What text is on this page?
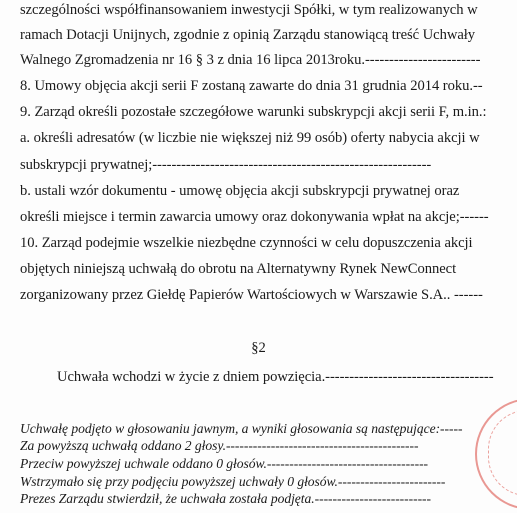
szczególności współfinansowaniem inwestycji Spółki, w tym realizowanych w
ramach Dotacji Unijnych, zgodnie z opinią Zarządu stanowiącą treść Uchwały
Walnego Zgromadzenia nr 16 § 3 z dnia 16 lipca 2013roku.------------------------
8. Umowy objęcia akcji serii F zostaną zawarte do dnia 31 grudnia 2014 roku.--
9. Zarząd określi pozostałe szczegółowe warunki subskrypcji akcji serii F, m.in.:
a. określi adresatów (w liczbie nie większej niż 99 osób) oferty nabycia akcji w
subskrypcji prywatnej;----------------------------------------------------------
b. ustali wzór dokumentu - umowę objęcia akcji subskrypcji prywatnej oraz
określi miejsce i termin zawarcia umowy oraz dokonywania wpłat na akcje;------
10. Zarząd podejmie wszelkie niezbędne czynności w celu dopuszczenia akcji
objętych niniejszą uchwałą do obrotu na Alternatywny Rynek NewConnect
zorganizowany przez Giełdę Papierów Wartościowych w Warszawie S.A.. ------
§2
Uchwała wchodzi w życie z dniem powzięcia.-----------------------------------
Uchwałę podjęto w głosowaniu jawnym, a wyniki głosowania są następujące:-----
Za powyższą uchwałą oddano 2 głosy.-------------------------------------------
Przeciw powyższej uchwale oddano 0 głosów.------------------------------------
Wstrzymało się przy podjęciu powyższej uchwały 0 głosów.------------------------
Prezes Zarządu stwierdził, że uchwała została podjęta.--------------------------
